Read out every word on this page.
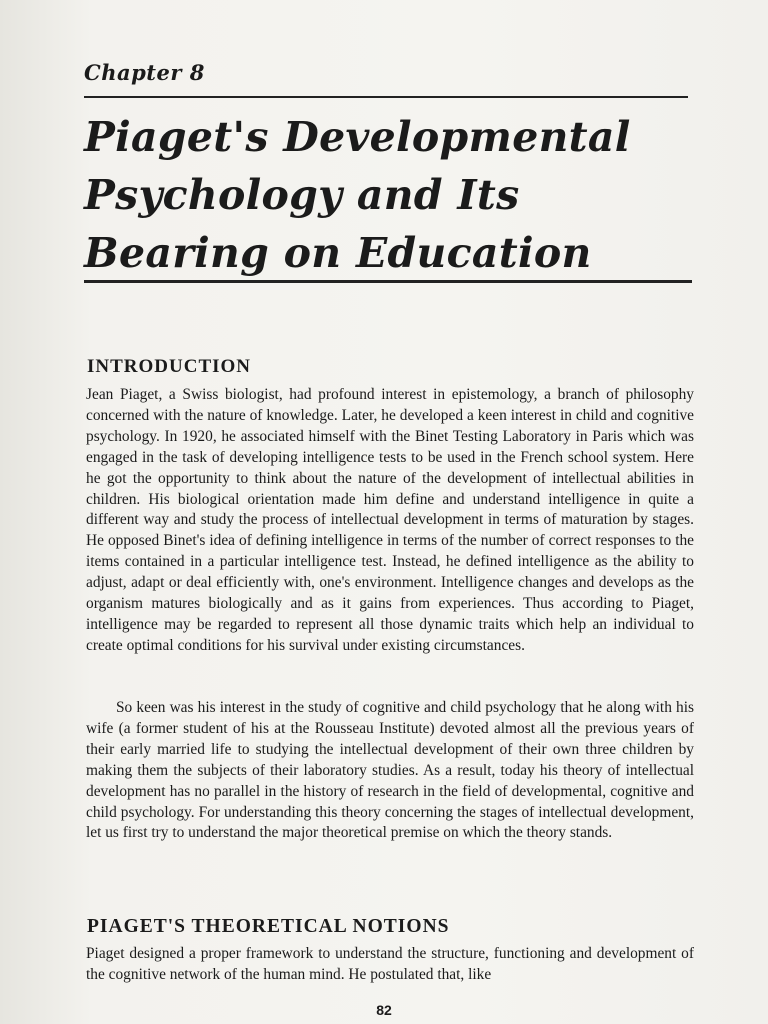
Chapter 8
Piaget's Developmental Psychology and Its Bearing on Education
INTRODUCTION

Jean Piaget, a Swiss biologist, had profound interest in epistemology, a branch of philosophy concerned with the nature of knowledge. Later, he developed a keen interest in child and cognitive psychology. In 1920, he associated himself with the Binet Testing Laboratory in Paris which was engaged in the task of developing intelligence tests to be used in the French school system. Here he got the opportunity to think about the nature of the development of intellectual abilities in children. His biological orientation made him define and understand intelligence in quite a different way and study the process of intellectual development in terms of maturation by stages. He opposed Binet's idea of defining intelligence in terms of the number of correct responses to the items contained in a particular intelligence test. Instead, he defined intelligence as the ability to adjust, adapt or deal efficiently with, one's environment. Intelligence changes and develops as the organism matures biologically and as it gains from experiences. Thus according to Piaget, intelligence may be regarded to represent all those dynamic traits which help an individual to create optimal conditions for his survival under existing circumstances.

So keen was his interest in the study of cognitive and child psychology that he along with his wife (a former student of his at the Rousseau Institute) devoted almost all the previous years of their early married life to studying the intellectual development of their own three children by making them the subjects of their laboratory studies. As a result, today his theory of intellectual development has no parallel in the history of research in the field of developmental, cognitive and child psychology. For understanding this theory concerning the stages of intellectual development, let us first try to understand the major theoretical premise on which the theory stands.

PIAGET'S THEORETICAL NOTIONS

Piaget designed a proper framework to understand the structure, functioning and development of the cognitive network of the human mind. He postulated that, like

82
